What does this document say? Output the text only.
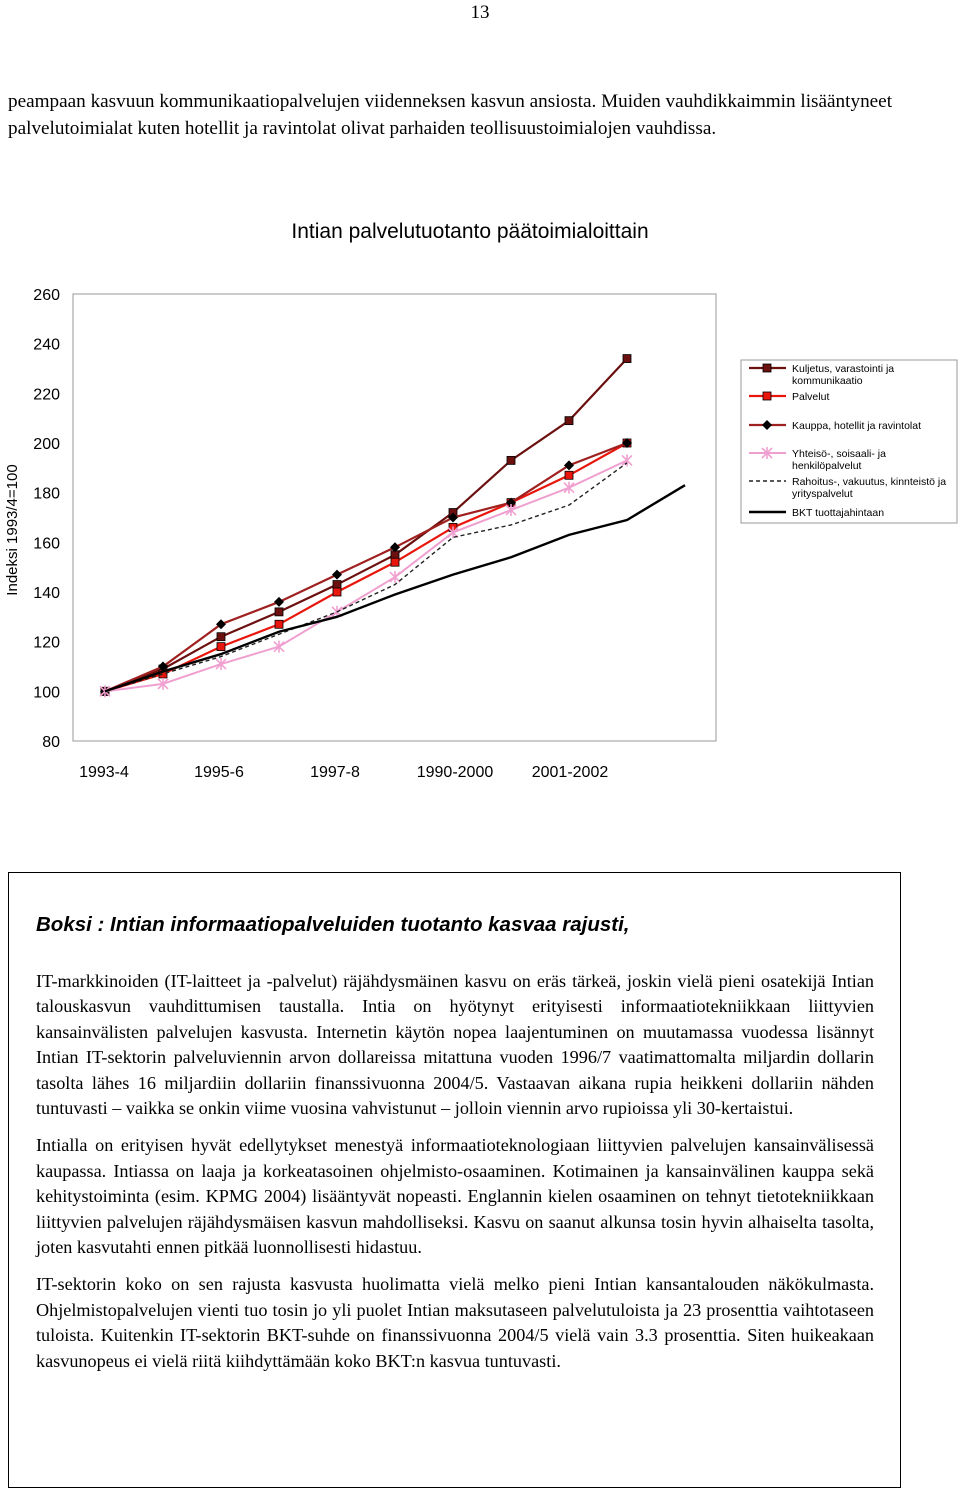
13

peampaan kasvuun kommunikaatiopalvelujen viidenneksen kasvun ansiosta. Muiden vauhdikkaimmin lisääntyneet palvelutoimialat kuten hotellit ja ravintolat olivat parhaiden teollisuustoimialojen vauhdissa.

Intian palvelutuotanto päätoimialoittain
Indeksi 1993/4=100
260
240
220
200
180
160
140
120
100
80
1993-4	1995-6	1997-8	1990-2000 2001-2002
Kuljetus, varastointi ja kommunikaatio
Palvelut
Kauppa, hotellit ja ravintolat
Yhteisö-, soisaali- ja henkilöpalvelut
Rahoitus-, vakuutus, kinnteistö ja yrityspalvelut
BKT tuottajahintaan

Boksi : Intian informaatiopalveluiden tuotanto kasvaa rajusti,

IT-markkinoiden (IT-laitteet ja -palvelut) räjähdysmäinen kasvu on eräs tärkeä, joskin vielä pieni osatekijä Intian talouskasvun vauhdittumisen taustalla. Intia on hyötynyt erityisesti informaatiotekniikkaan liittyvien kansainvälisten palvelujen kasvusta. Internetin käytön nopea laajentuminen on muutamassa vuodessa lisännyt Intian IT-sektorin palveluviennin arvon dollareissa mitattuna vuoden 1996/7 vaatimattomalta miljardin dollarin tasolta lähes 16 miljardiin dollariin finanssivuonna 2004/5. Vastaavan aikana rupia heikkeni dollariin nähden tuntuvasti – vaikka se onkin viime vuosina vahvistunut – jolloin viennin arvo rupioissa yli 30-kertaistui.

Intialla on erityisen hyvät edellytykset menestyä informaatioteknologiaan liittyvien palvelujen kansainvälisessä kaupassa. Intiassa on laaja ja korkeatasoinen ohjelmisto-osaaminen. Kotimainen ja kansainvälinen kauppa sekä kehitystoiminta (esim. KPMG 2004) lisääntyvät nopeasti. Englannin kielen osaaminen on tehnyt tietotekniikkaan liittyvien palvelujen räjähdysmäisen kasvun mahdolliseksi. Kasvu on saanut alkunsa tosin hyvin alhaiselta tasolta, joten kasvutahti ennen pitkää luonnollisesti hidastuu.

IT-sektorin koko on sen rajusta kasvusta huolimatta vielä melko pieni Intian kansantalouden näkökulmasta. Ohjelmistopalvelujen vienti tuo tosin jo yli puolet Intian maksutaseen palvelutuloista ja 23 prosenttia vaihtotaseen tuloista. Kuitenkin IT-sektorin BKT-suhde on finanssivuonna 2004/5 vielä vain 3.3 prosenttia. Siten huikeakaan kasvunopeus ei vielä riitä kiihdyttämään koko BKT:n kasvua tuntuvasti.
